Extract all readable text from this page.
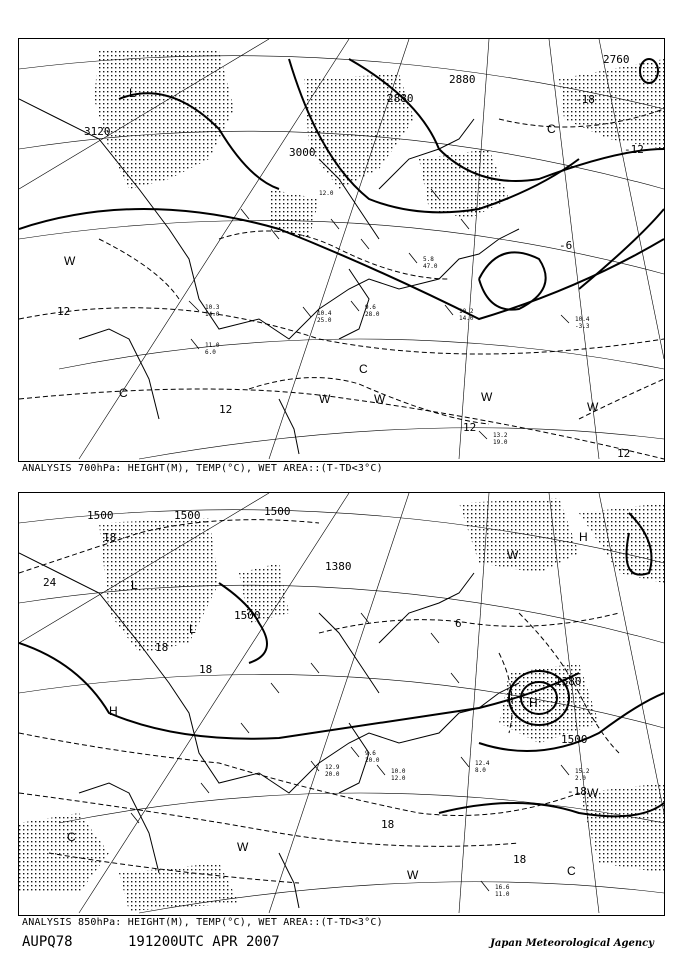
3120
3000
2880
2880
2760
-12
-6
12
12
12
12
-18
L
C
W
W	W	W
W
C
C
10.3
14.0
10.4
-3.3
13.2
19.0
11.0
6.0
10.4
25.0
9.6
28.0
5.8
47.0
10.2
14.0
12.0
ANALYSIS 700hPa: HEIGHT(M), TEMP(°C), WET AREA::(T-TD<3°C)
1500	1500	1500
1380
1500
1380
1500
24
18
18
18
18
18
6
-18
L
L
H
H
W
W
W
C
C
H
W
12.9
20.0
9.6
20.0
10.0
12.0
15.2
2.0
12.4
8.0
16.6
11.0
ANALYSIS 850hPa: HEIGHT(M), TEMP(°C), WET AREA::(T-TD<3°C)
AUPQ78	191200UTC APR 2007	Japan Meteorological Agency
